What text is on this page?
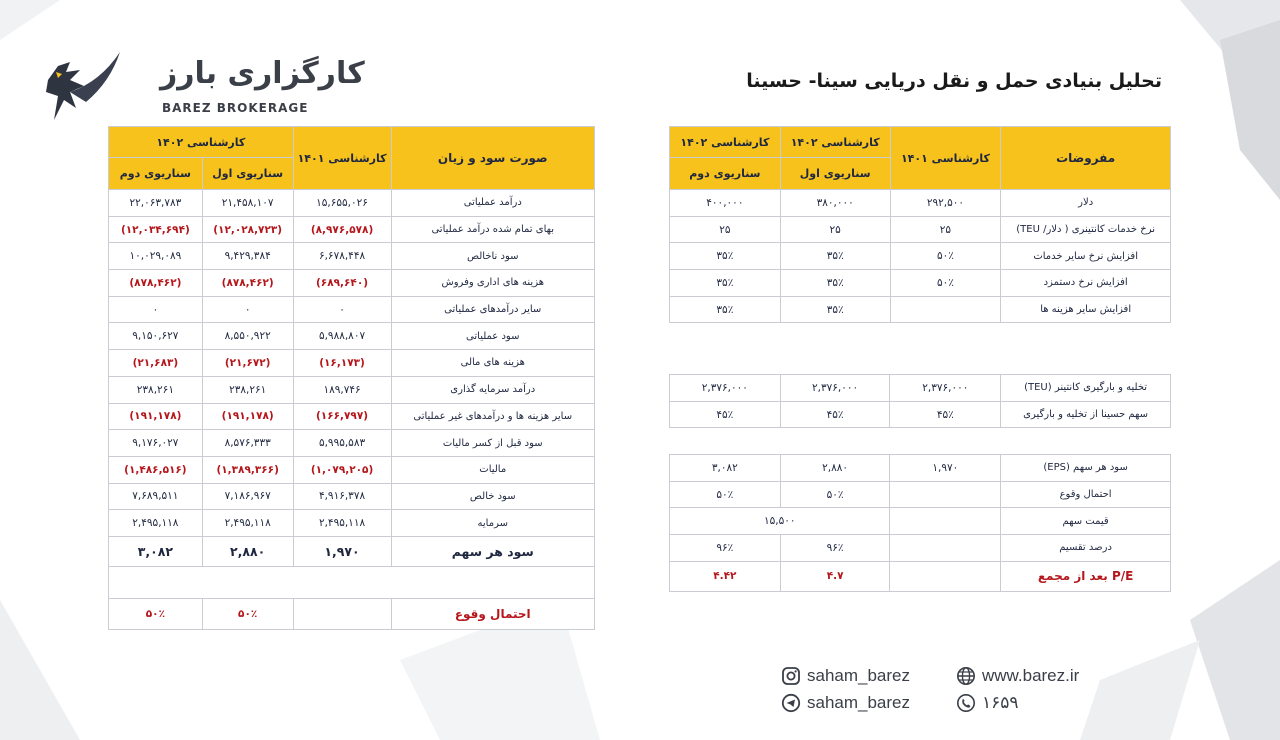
کارگزاری بارز
BAREZ BROKERAGE
تحلیل بنیادی حمل و نقل دریایی سینا- حسینا
کارشناسی ۱۴۰۲		کارشناسی ۱۴۰۱	صورت سود و زیان
سناریوی دوم	سناریوی اول		
۲۲,۰۶۳,۷۸۳	۲۱,۴۵۸,۱۰۷	۱۵,۶۵۵,۰۲۶	درآمد عملیاتی
(۱۲,۰۳۴,۶۹۴)	(۱۲,۰۲۸,۷۲۳)	(۸,۹۷۶,۵۷۸)	بهای تمام شده درآمد عملیاتی
۱۰,۰۲۹,۰۸۹	۹,۴۲۹,۳۸۴	۶,۶۷۸,۴۴۸	سود ناخالص
(۸۷۸,۴۶۲)	(۸۷۸,۴۶۲)	(۶۸۹,۶۴۰)	هزینه های اداری وفروش
۰	۰	۰	سایر درآمدهای عملیاتی
۹,۱۵۰,۶۲۷	۸,۵۵۰,۹۲۲	۵,۹۸۸,۸۰۷	سود عملیاتی
(۲۱,۶۸۳)	(۲۱,۶۷۲)	(۱۶,۱۷۳)	هزینه های مالی
۲۳۸,۲۶۱	۲۳۸,۲۶۱	۱۸۹,۷۴۶	درآمد سرمایه گذاری
(۱۹۱,۱۷۸)	(۱۹۱,۱۷۸)	(۱۶۶,۷۹۷)	سایر هزینه ها و درآمدهای غیر عملیاتی
۹,۱۷۶,۰۲۷	۸,۵۷۶,۳۳۳	۵,۹۹۵,۵۸۳	سود قبل از کسر مالیات
(۱,۴۸۶,۵۱۶)	(۱,۳۸۹,۳۶۶)	(۱,۰۷۹,۲۰۵)	مالیات
۷,۶۸۹,۵۱۱	۷,۱۸۶,۹۶۷	۴,۹۱۶,۳۷۸	سود خالص
۲,۴۹۵,۱۱۸	۲,۴۹۵,۱۱۸	۲,۴۹۵,۱۱۸	سرمایه
۳,۰۸۲	۲,۸۸۰	۱,۹۷۰	سود هر سهم

۵۰٪	۵۰٪		احتمال وقوع
کارشناسی ۱۴۰۲	کارشناسی ۱۴۰۲	کارشناسی ۱۴۰۱	مفروضات
سناریوی دوم	سناریوی اول		
۴۰۰,۰۰۰	۳۸۰,۰۰۰	۲۹۲,۵۰۰	دلار
۲۵	۲۵	۲۵	نرخ خدمات کانتینری ( دلار/ TEU)
۳۵٪	۳۵٪	۵۰٪	افزایش نرخ سایر خدمات
۳۵٪	۳۵٪	۵۰٪	افزایش نرخ دستمزد
۳۵٪	۳۵٪		افزایش سایر هزینه ها
۲,۳۷۶,۰۰۰	۲,۳۷۶,۰۰۰	۲,۳۷۶,۰۰۰	تخلیه و بارگیری کانتینر (TEU)
۴۵٪	۴۵٪	۴۵٪	سهم حسینا از تخلیه و بارگیری
۳,۰۸۲	۲,۸۸۰	۱,۹۷۰	سود هر سهم (EPS)
۵۰٪	۵۰٪		احتمال وقوع
۱۵,۵۰۰			قیمت سهم
۹۶٪	۹۶٪		درصد تقسیم
۴.۴۲	۴.۷		P/E بعد از مجمع
saham_barez
saham_barez
www.barez.ir
۱۶۵۹
